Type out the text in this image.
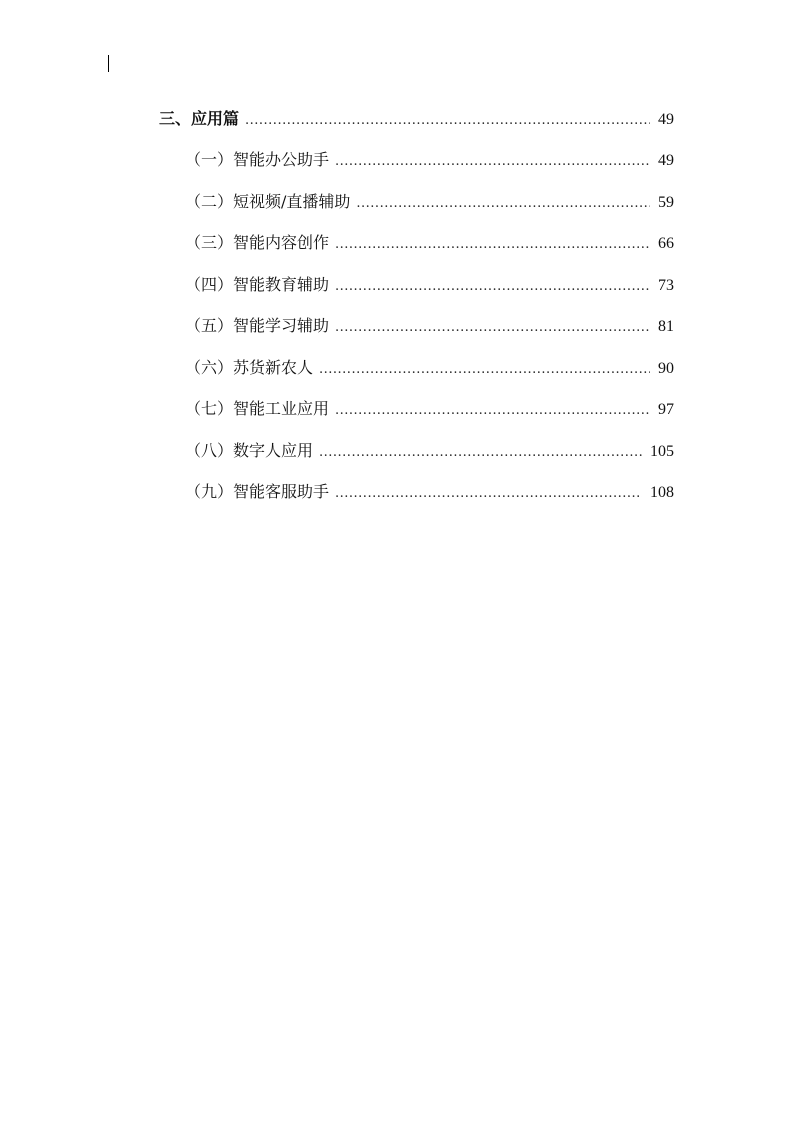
三、应用篇 .....	49
（一）智能办公助手 .....	49
（二）短视频/直播辅助 .....	59
（三）智能内容创作 .....	66
（四）智能教育辅助 .....	73
（五）智能学习辅助 .....	81
（六）苏货新农人 .....	90
（七）智能工业应用 .....	97
（八）数字人应用 .....	105
（九）智能客服助手 .....	108
